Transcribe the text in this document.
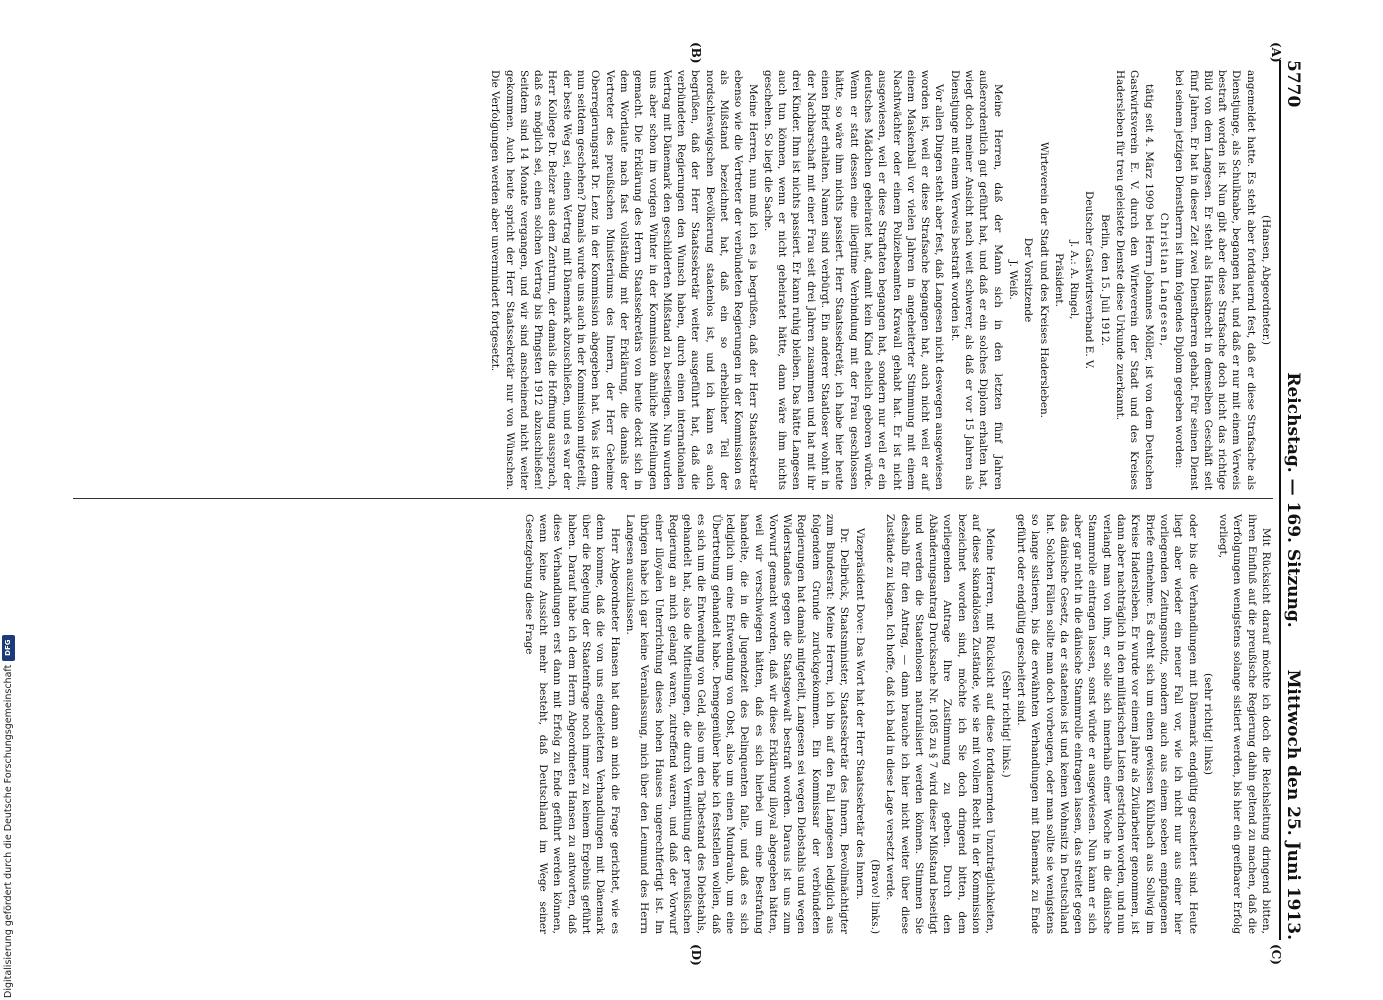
5770
Reichstag. — 169. Sitzung.
Mittwoch den 25. Juni 1913.
(A)
(B)
(C)
(D)

(Hansen, Abgeordneter.)

angemeldet hatte. Es steht aber fortdauernd fest, daß er diese Strafsache als Dienstjunge, als Schulknabe, begangen hat, und daß er nur mit einem Verweis bestraft worden ist. Nun gibt aber diese Strafsache doch nicht das richtige Bild von dem Langesen. Er steht als Hausknecht in demselben Geschäft seit fünf Jahren. Er hat in dieser Zeit zwei Dienstherren gehabt. Für seinen Dienst bei seinem jetzigen Dienstherrn ist ihm folgendes Diplom gegeben worden:

Christian Langesen,

tätig seit 4. März 1909 bei Herrn Johannes Möller, ist von dem Deutschen Gastwirtsverein E. V. durch den Wirteverein der Stadt und des Kreises Hadersleben für treu geleistete Dienste diese Urkunde zuerkannt.

Berlin, den 15. Juli 1912.

Deutscher Gastwirtsverband E. V.

J. A.: A. Ringel,

Präsident.

Wirteverein der Stadt und des Kreises Hadersleben.

Der Vorsitzende

J. Weiß.

Meine Herren, daß der Mann sich in den letzten fünf Jahren außerordentlich gut geführt hat, und daß er ein solches Diplom erhalten hat, wiegt doch meiner Ansicht nach weit schwerer, als daß er vor 15 Jahren als Dienstjunge mit einem Verweis bestraft worden ist.

Vor allen Dingen steht aber fest, daß Langesen nicht deswegen ausgewiesen worden ist, weil er diese Strafsache begangen hat, auch nicht weil er auf einem Maskenball vor vielen Jahren in angeheiterter Stimmung mit einem Nachtwächter oder einem Polizeibeamten Krawall gehabt hat. Er ist nicht ausgewiesen, weil er diese Straftaten begangen hat, sondern nur weil er ein deutsches Mädchen geheiratet hat, damit kein Kind ehelich geboren würde. Wenn er statt dessen eine illegitime Verbindung mit der Frau geschlossen hätte, so wäre ihm nichts passiert. Herr Staatssekretär, ich habe hier heute einen Brief erhalten. Namen sind verbürgt. Ein anderer Staatloser wohnt in der Nachbarschaft mit einer Frau seit drei Jahren zusammen und hat mit ihr drei Kinder. Ihm ist nichts passiert. Er kann ruhig bleiben. Das hätte Langesen auch tun können, wenn er nicht geheiratet hätte, dann wäre ihm nichts geschehen. So liegt die Sache.

Meine Herren, nun muß ich es ja begrüßen, daß der Herr Staatssekretär ebenso wie die Vertreter der verbündeten Regierungen in der Kommission es als Mißstand bezeichnet hat, daß ein so erheblicher Teil der nordschleswigschen Bevölkerung staatenlos ist, und ich kann es auch begrüßen, daß der Herr Staatssekretär weiter ausgeführt hat, daß die verbündeten Regierungen den Wunsch haben, durch einen internationalen Vertrag mit Dänemark den geschilderten Mißstand zu beseitigen. Nun wurden uns aber schon im vorigen Winter in der Kommission ähnliche Mitteilungen gemacht. Die Erklärung des Herrn Staatssekretärs von heute deckt sich in dem Wortlaute nach fast vollständig mit der Erklärung, die damals der Vertreter des preußischen Ministeriums des Innern, der Herr Geheime Oberregierungsrat Dr. Lenz in der Kommission abgegeben hat. Was ist denn nun seitdem geschehen? Damals wurde uns auch in der Kommission mitgeteilt, der beste Weg sei, einen Vertrag mit Dänemark abzuschließen, und es war der Herr Kollege Dr. Belzer aus dem Zentrum, der damals die Hoffnung aussprach, daß es möglich sei, einen solchen Vertrag bis Pfingsten 1912 abzuschließen! Seitdem sind 14 Monate vergangen, und wir sind anscheinend nicht weiter gekommen. Auch heute spricht der Herr Staatssekretär nur von Wünschen. Die Verfolgungen werden aber unvermindert fortgesetzt.

Mit Rücksicht darauf möchte ich doch die Reichsleitung dringend bitten, ihren Einfluß auf die preußische Regierung dahin geltend zu machen, daß die Verfolgungen wenigstens solange sistiert werden, bis hier ein greifbarer Erfolg vorliegt,

(sehr richtig! links)

oder bis die Verhandlungen mit Dänemark endgültig gescheitert sind. Heute liegt aber wieder ein neuer Fall vor, wie ich nicht nur aus einer hier vorliegenden Zeitungsnotiz, sondern auch aus einem soeben empfangenen Briefe entnehme. Es dreht sich um einen gewissen Kühlbach aus Sollwig im Kreise Hadersleben. Er wurde vor einem Jahre als Zivilarbeiter genommen, ist dann aber nachträglich in den militärischen Listen gestrichen worden, und nun verlangt man von ihm, er solle sich innerhalb einer Woche in die dänische Stammrolle eintragen lassen, sonst würde er ausgewiesen. Nun kann er sich aber gar nicht in die dänische Stammrolle eintragen lassen, das streitet gegen das dänische Gesetz, da er staatenlos ist und keinen Wohnsitz in Deutschland hat. Solchen Fällen sollte man doch vorbeugen, oder man sollte sie wenigstens so lange sistieren, bis die erwähnten Verhandlungen mit Dänemark zu Ende geführt oder endgültig gescheitert sind.

(Sehr richtig! links.)

Meine Herren, mit Rücksicht auf diese fortdauernden Unzuträglichkeiten, auf diese skandalösen Zustände, wie sie mit vollem Recht in der Kommission bezeichnet worden sind, möchte ich Sie doch dringend bitten, dem vorliegenden Antrage Ihre Zustimmung zu geben. Durch den Abänderungsantrag Drucksache Nr. 1085 zu § 7 wird dieser Mißstand beseitigt und werden die Staatenlosen naturalisiert werden können. Stimmen Sie deshalb für den Antrag, — dann brauche ich hier nicht weiter über diese Zustände zu klagen. Ich hoffe, daß ich bald in diese Lage versetzt werde.

(Bravo! links.)

Vizepräsident Dove: Das Wort hat der Herr Staatssekretär des Innern.

Dr. Delbrück, Staatsminister, Staatssekretär des Innern, Bevollmächtigter zum Bundesrat: Meine Herren, ich bin auf den Fall Langesen lediglich aus folgendem Grunde zurückgekommen. Ein Kommissar der verbündeten Regierungen hat damals mitgeteilt, Langesen sei wegen Diebstahls und wegen Widerstandes gegen die Staatsgewalt bestraft worden. Daraus ist uns zum Vorwurf gemacht worden, daß wir diese Erklärung illoyal abgegeben hätten, weil wir verschwiegen hätten, daß es sich hierbei um eine Bestrafung handelte, die in die Jugendzeit des Delinquenten falle, und daß es sich lediglich um eine Entwendung von Obst, also um einen Mundraub, um eine Übertretung gehandelt habe. Demgegenüber habe ich feststellen wollen, daß es sich um die Entwendung von Geld, also um den Tatbestand des Diebstahls, gehandelt hat, also die Mitteilungen, die durch Vermittlung der preußischen Regierung an mich gelangt waren, zutreffend waren, und daß der Vorwurf einer illoyalen Unterrichtung dieses hohen Hauses ungerechtfertigt ist. Im übrigen habe ich gar keine Veranlassung, mich über den Leumund des Herrn Langesen auszulassen.

Herr Abgeordneter Hansen hat dann an mich die Frage gerichtet, wie es denn komme, daß die von uns eingeleiteten Verhandlungen mit Dänemark über die Regelung der Staatenfrage noch immer zu keinem Ergebnis geführt haben. Darauf habe ich dem Herrn Abgeordneten Hansen zu antworten, daß diese Verhandlungen erst dann mit Erfolg zu Ende geführt werden können, wenn keine Aussicht mehr besteht, daß Deutschland im Wege seiner Gesetzgebung diese Frage

Digitalisierung gefördert durch die Deutsche ForschungsgemeinschaftDFG
